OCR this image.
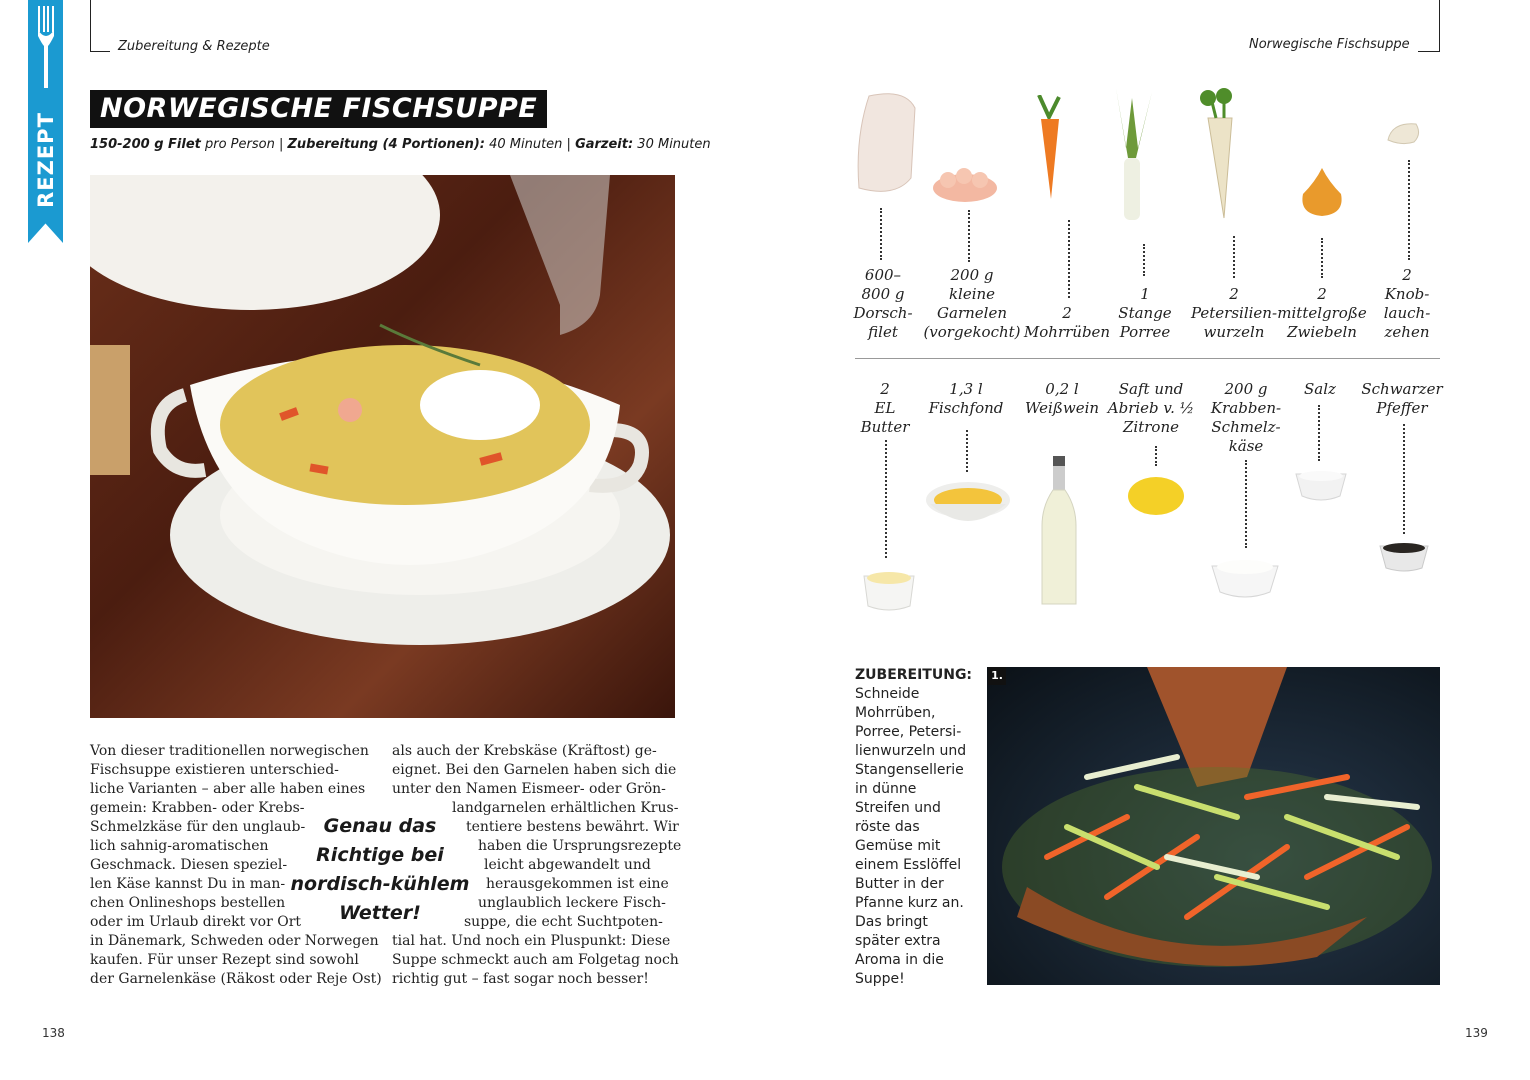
REZEPT
Zubereitung & Rezepte	Norwegische Fischsuppe
NORWEGISCHE FISCHSUPPE
150-200 g Filet pro Person | Zubereitung (4 Portionen): 40 Minuten | Garzeit: 30 Minuten
Von dieser traditionellen norwegischen
Fischsuppe existieren unterschied-
liche Varianten – aber alle haben eines
gemein: Krabben- oder Krebs-
Schmelzkäse für den unglaub-
lich sahnig-aromatischen
Geschmack. Diesen speziel-
len Käse kannst Du in man-
chen Onlineshops bestellen
oder im Urlaub direkt vor Ort
in Dänemark, Schweden oder Norwegen
kaufen. Für unser Rezept sind sowohl
der Garnelenkäse (Räkost oder Reje Ost)
als auch der Krebskäse (Kräftost) ge-
eignet. Bei den Garnelen haben sich die
unter den Namen Eismeer- oder Grön-
landgarnelen erhältlichen Krus-
tentiere bestens bewährt. Wir
haben die Ursprungsrezepte
leicht abgewandelt und
herausgekommen ist eine
unglaublich leckere Fisch-
suppe, die echt Suchtpoten-
tial hat. Und noch ein Pluspunkt: Diese
Suppe schmeckt auch am Folgetag noch
richtig gut – fast sogar noch besser!
Genau das
Richtige bei
nordisch-kühlem
Wetter!
138	139
600–
800 g
Dorsch-
filet
200 g
kleine
Garnelen
(vorgekocht)
2
Mohrrüben
1
Stange
Porree
2
Petersilien-
wurzeln
2
mittelgroße
Zwiebeln
2
Knob-
lauch-
zehen
2
EL
Butter
1,3 l
Fischfond
0,2 l
Weißwein
Saft und
Abrieb v. ½
Zitrone
200 g
Krabben-
Schmelz-
käse
Salz	Schwarzer
Pfeffer
ZUBEREITUNG:
Schneide
Mohrrüben,
Porree, Petersi-
lienwurzeln und
Stangensellerie
in dünne
Streifen und
röste das
Gemüse mit
einem Esslöffel
Butter in der
Pfanne kurz an.
Das bringt
später extra
Aroma in die
Suppe!
1.
